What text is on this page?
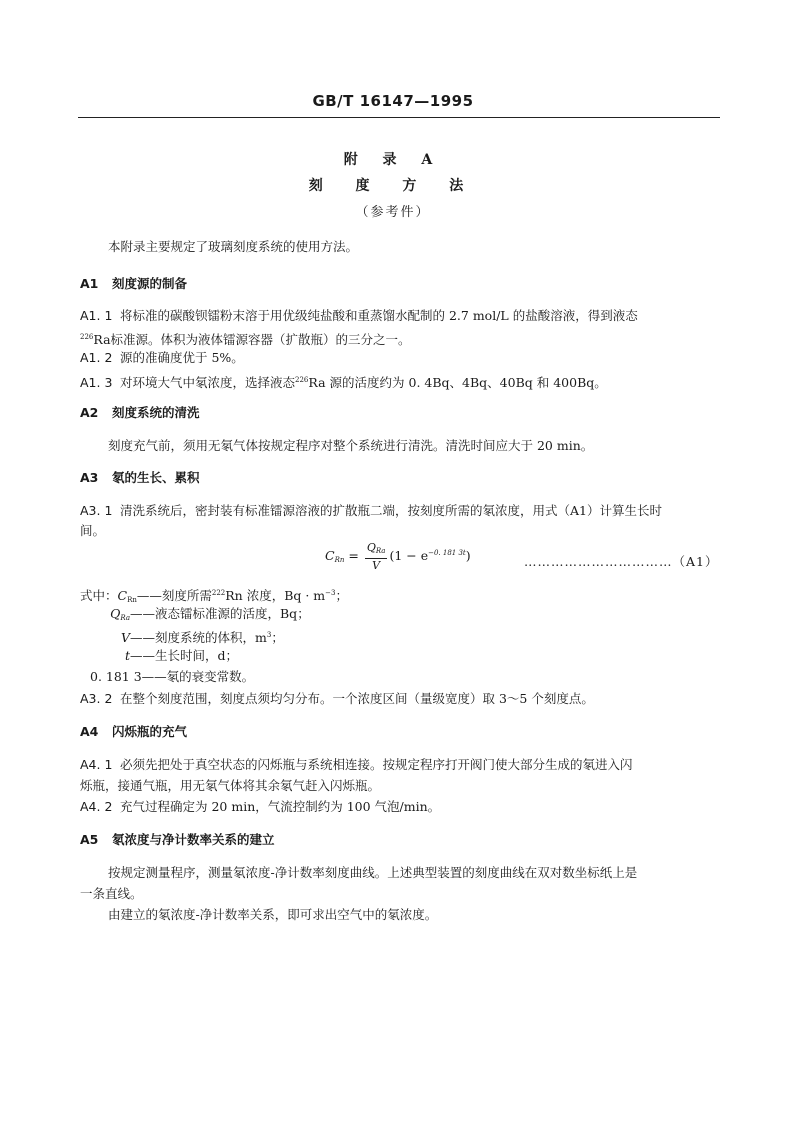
GB/T 16147—1995
附 录 A
刻 度 方 法
（参考件）
本附录主要规定了玻璃刻度系统的使用方法。
A1 刻度源的制备
A1. 1 将标准的碳酸钡镭粉末溶于用优级纯盐酸和重蒸馏水配制的 2.7 mol/L 的盐酸溶液，得到液态
$^{226}$Ra标准源。体积为液体镭源容器（扩散瓶）的三分之一。
A1. 2 源的准确度优于 5%。
A1. 3 对环境大气中氡浓度，选择液态$^{226}$Ra 源的活度约为 0. 4Bq、4Bq、40Bq 和 400Bq。
A2 刻度系统的清洗
刻度充气前，须用无氡气体按规定程序对整个系统进行清洗。清洗时间应大于 20 min。
A3 氡的生长、累积
A3. 1 清洗系统后，密封装有标准镭源溶液的扩散瓶二端，按刻度所需的氡浓度，用式（A1）计算生长时
间。
$C_{Rn} = \frac{Q_{Ra}}{V} (1 - e^{-0. 181 3t})$	……………………………（A1）
式中：$C_{Rn}——$刻度所需$^{222}$Rn 浓度，$Bq \cdot m^{-3}$；
$Q_{Ra}——$液态镭标准源的活度，Bq；
V——刻度系统的体积，$m^3$；
t——生长时间，d；
0. 181 3——氡的衰变常数。
A3. 2 在整个刻度范围，刻度点须均匀分布。一个浓度区间（量级宽度）取 3～5 个刻度点。
A4 闪烁瓶的充气
A4. 1 必须先把处于真空状态的闪烁瓶与系统相连接。按规定程序打开阀门使大部分生成的氡进入闪
烁瓶，接通气瓶，用无氡气体将其余氡气赶入闪烁瓶。
A4. 2 充气过程确定为 20 min，气流控制约为 100 气泡/min。
A5 氡浓度与净计数率关系的建立
按规定测量程序，测量氡浓度-净计数率刻度曲线。上述典型装置的刻度曲线在双对数坐标纸上是
一条直线。
由建立的氡浓度-净计数率关系，即可求出空气中的氡浓度。
